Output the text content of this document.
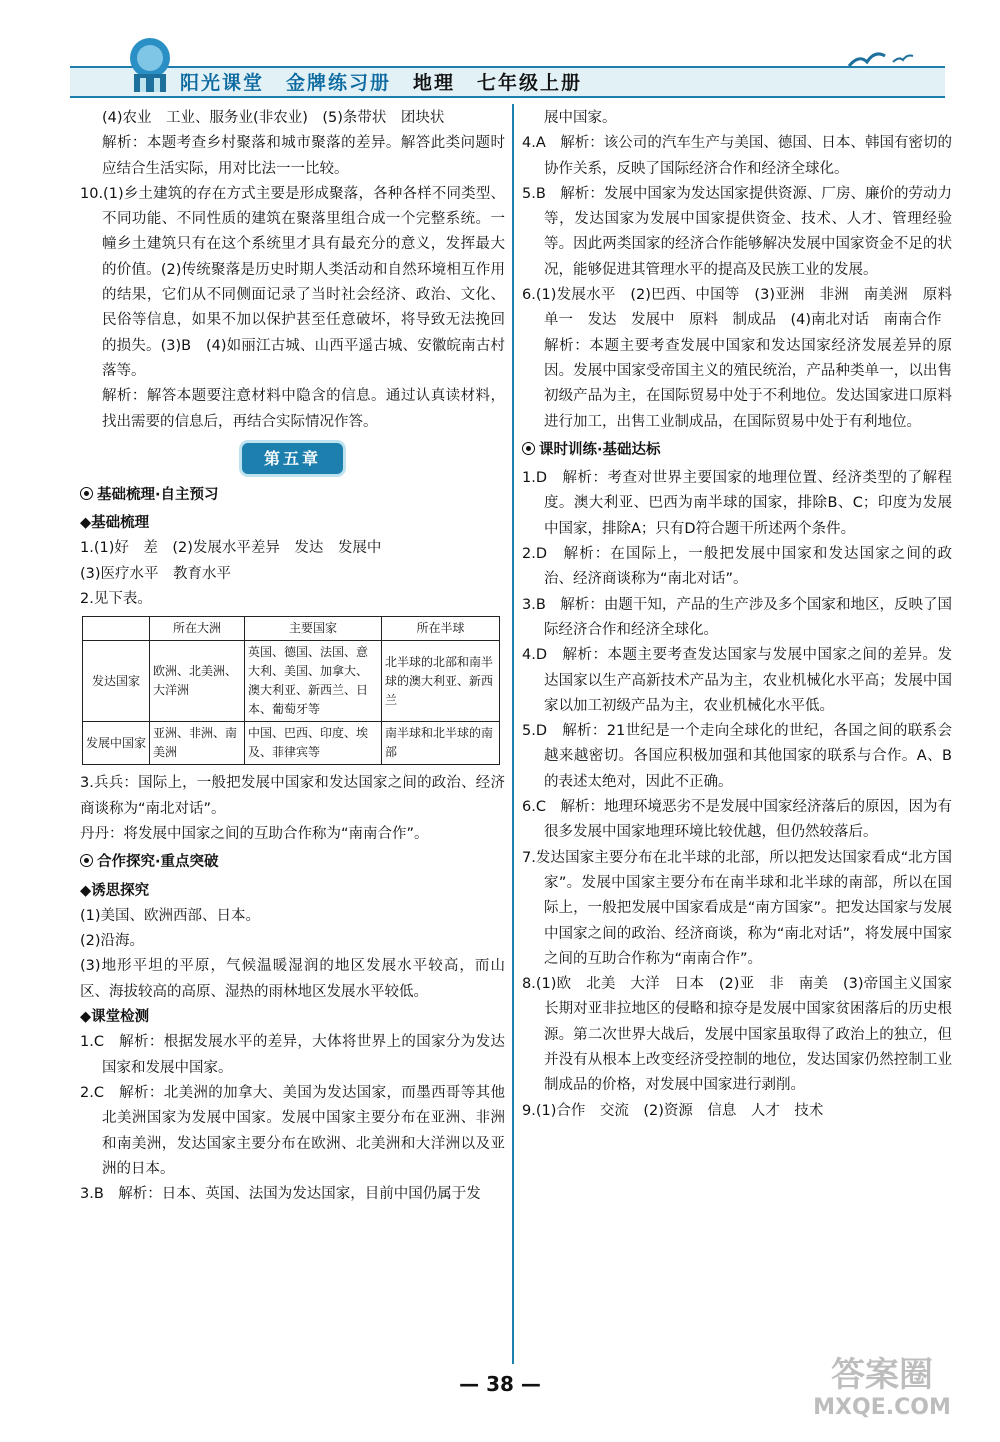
阳光课堂 金牌练习册 地理 七年级上册

(4)农业　工业、服务业(非农业)　(5)条带状　团块状

解析：本题考查乡村聚落和城市聚落的差异。解答此类问题时应结合生活实际，用对比法一一比较。

10.(1)乡土建筑的存在方式主要是形成聚落，各种各样不同类型、不同功能、不同性质的建筑在聚落里组合成一个完整系统。一幢乡土建筑只有在这个系统里才具有最充分的意义，发挥最大的价值。(2)传统聚落是历史时期人类活动和自然环境相互作用的结果，它们从不同侧面记录了当时社会经济、政治、文化、民俗等信息，如果不加以保护甚至任意破坏，将导致无法挽回的损失。(3)B　(4)如丽江古城、山西平遥古城、安徽皖南古村落等。

解析：解答本题要注意材料中隐含的信息。通过认真读材料，找出需要的信息后，再结合实际情况作答。

第五章
基础梳理·自主预习

◆基础梳理

1.(1)好　差　(2)发展水平差异　发达　发展中

(3)医疗水平　教育水平

2.见下表。

	所在大洲	主要国家	所在半球
发达国家	欧洲、北美洲、大洋洲	英国、德国、法国、意大利、美国、加拿大、澳大利亚、新西兰、日本、葡萄牙等	北半球的北部和南半球的澳大利亚、新西兰
发展中国家	亚洲、非洲、南美洲	中国、巴西、印度、埃及、菲律宾等	南半球和北半球的南部

3.兵兵：国际上，一般把发展中国家和发达国家之间的政治、经济商谈称为“南北对话”。

丹丹：将发展中国家之间的互助合作称为“南南合作”。

合作探究·重点突破

◆诱思探究

(1)美国、欧洲西部、日本。

(2)沿海。

(3)地形平坦的平原，气候温暖湿润的地区发展水平较高，而山区、海拔较高的高原、湿热的雨林地区发展水平较低。

◆课堂检测

1.C　解析：根据发展水平的差异，大体将世界上的国家分为发达国家和发展中国家。

2.C　解析：北美洲的加拿大、美国为发达国家，而墨西哥等其他北美洲国家为发展中国家。发展中国家主要分布在亚洲、非洲和南美洲，发达国家主要分布在欧洲、北美洲和大洋洲以及亚洲的日本。

3.B　解析：日本、英国、法国为发达国家，目前中国仍属于发

展中国家。

4.A　解析：该公司的汽车生产与美国、德国、日本、韩国有密切的协作关系，反映了国际经济合作和经济全球化。

5.B　解析：发展中国家为发达国家提供资源、厂房、廉价的劳动力等，发达国家为发展中国家提供资金、技术、人才、管理经验等。因此两类国家的经济合作能够解决发展中国家资金不足的状况，能够促进其管理水平的提高及民族工业的发展。

6.(1)发展水平　(2)巴西、中国等　(3)亚洲　非洲　南美洲　原料　单一　发达　发展中　原料　制成品　(4)南北对话　南南合作

解析：本题主要考查发展中国家和发达国家经济发展差异的原因。发展中国家受帝国主义的殖民统治，产品种类单一，以出售初级产品为主，在国际贸易中处于不利地位。发达国家进口原料进行加工，出售工业制成品，在国际贸易中处于有利地位。

课时训练·基础达标

1.D　解析：考查对世界主要国家的地理位置、经济类型的了解程度。澳大利亚、巴西为南半球的国家，排除B、C；印度为发展中国家，排除A；只有D符合题干所述两个条件。

2.D　解析：在国际上，一般把发展中国家和发达国家之间的政治、经济商谈称为“南北对话”。

3.B　解析：由题干知，产品的生产涉及多个国家和地区，反映了国际经济合作和经济全球化。

4.D　解析：本题主要考查发达国家与发展中国家之间的差异。发达国家以生产高新技术产品为主，农业机械化水平高；发展中国家以加工初级产品为主，农业机械化水平低。

5.D　解析：21世纪是一个走向全球化的世纪，各国之间的联系会越来越密切。各国应积极加强和其他国家的联系与合作。A、B的表述太绝对，因此不正确。

6.C　解析：地理环境恶劣不是发展中国家经济落后的原因，因为有很多发展中国家地理环境比较优越，但仍然较落后。

7.发达国家主要分布在北半球的北部，所以把发达国家看成“北方国家”。发展中国家主要分布在南半球和北半球的南部，所以在国际上，一般把发展中国家看成是“南方国家”。把发达国家与发展中国家之间的政治、经济商谈，称为“南北对话”，将发展中国家之间的互助合作称为“南南合作”。

8.(1)欧　北美　大洋　日本　(2)亚　非　南美　(3)帝国主义国家长期对亚非拉地区的侵略和掠夺是发展中国家贫困落后的历史根源。第二次世界大战后，发展中国家虽取得了政治上的独立，但并没有从根本上改变经济受控制的地位，发达国家仍然控制工业制成品的价格，对发展中国家进行剥削。

9.(1)合作　交流　(2)资源　信息　人才　技术

— 38 —	答案圈
MXQE.COM
